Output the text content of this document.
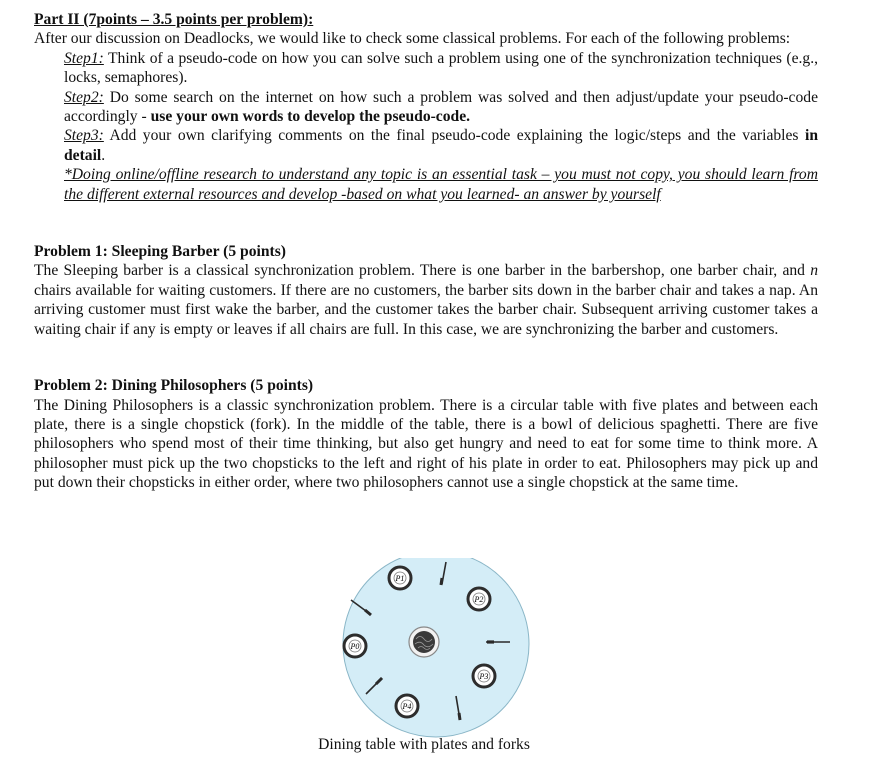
Part II (7points – 3.5 points per problem):
After our discussion on Deadlocks, we would like to check some classical problems. For each of the following problems:
Step1: Think of a pseudo-code on how you can solve such a problem using one of the synchronization techniques (e.g., locks, semaphores).
Step2: Do some search on the internet on how such a problem was solved and then adjust/update your pseudo-code accordingly - use your own words to develop the pseudo-code.
Step3: Add your own clarifying comments on the final pseudo-code explaining the logic/steps and the variables in detail.
*Doing online/offline research to understand any topic is an essential task – you must not copy, you should learn from the different external resources and develop -based on what you learned- an answer by yourself
Problem 1: Sleeping Barber (5 points)
The Sleeping barber is a classical synchronization problem. There is one barber in the barbershop, one barber chair, and n chairs available for waiting customers. If there are no customers, the barber sits down in the barber chair and takes a nap. An arriving customer must first wake the barber, and the customer takes the barber chair. Subsequent arriving customer takes a waiting chair if any is empty or leaves if all chairs are full. In this case, we are synchronizing the barber and customers.
Problem 2: Dining Philosophers (5 points)
The Dining Philosophers is a classic synchronization problem. There is a circular table with five plates and between each plate, there is a single chopstick (fork). In the middle of the table, there is a bowl of delicious spaghetti. There are five philosophers who spend most of their time thinking, but also get hungry and need to eat for some time to think more. A philosopher must pick up the two chopsticks to the left and right of his plate in order to eat. Philosophers may pick up and put down their chopsticks in either order, where two philosophers cannot use a single chopstick at the same time.
P1
P2
P0
P3
P4
Dining table with plates and forks
